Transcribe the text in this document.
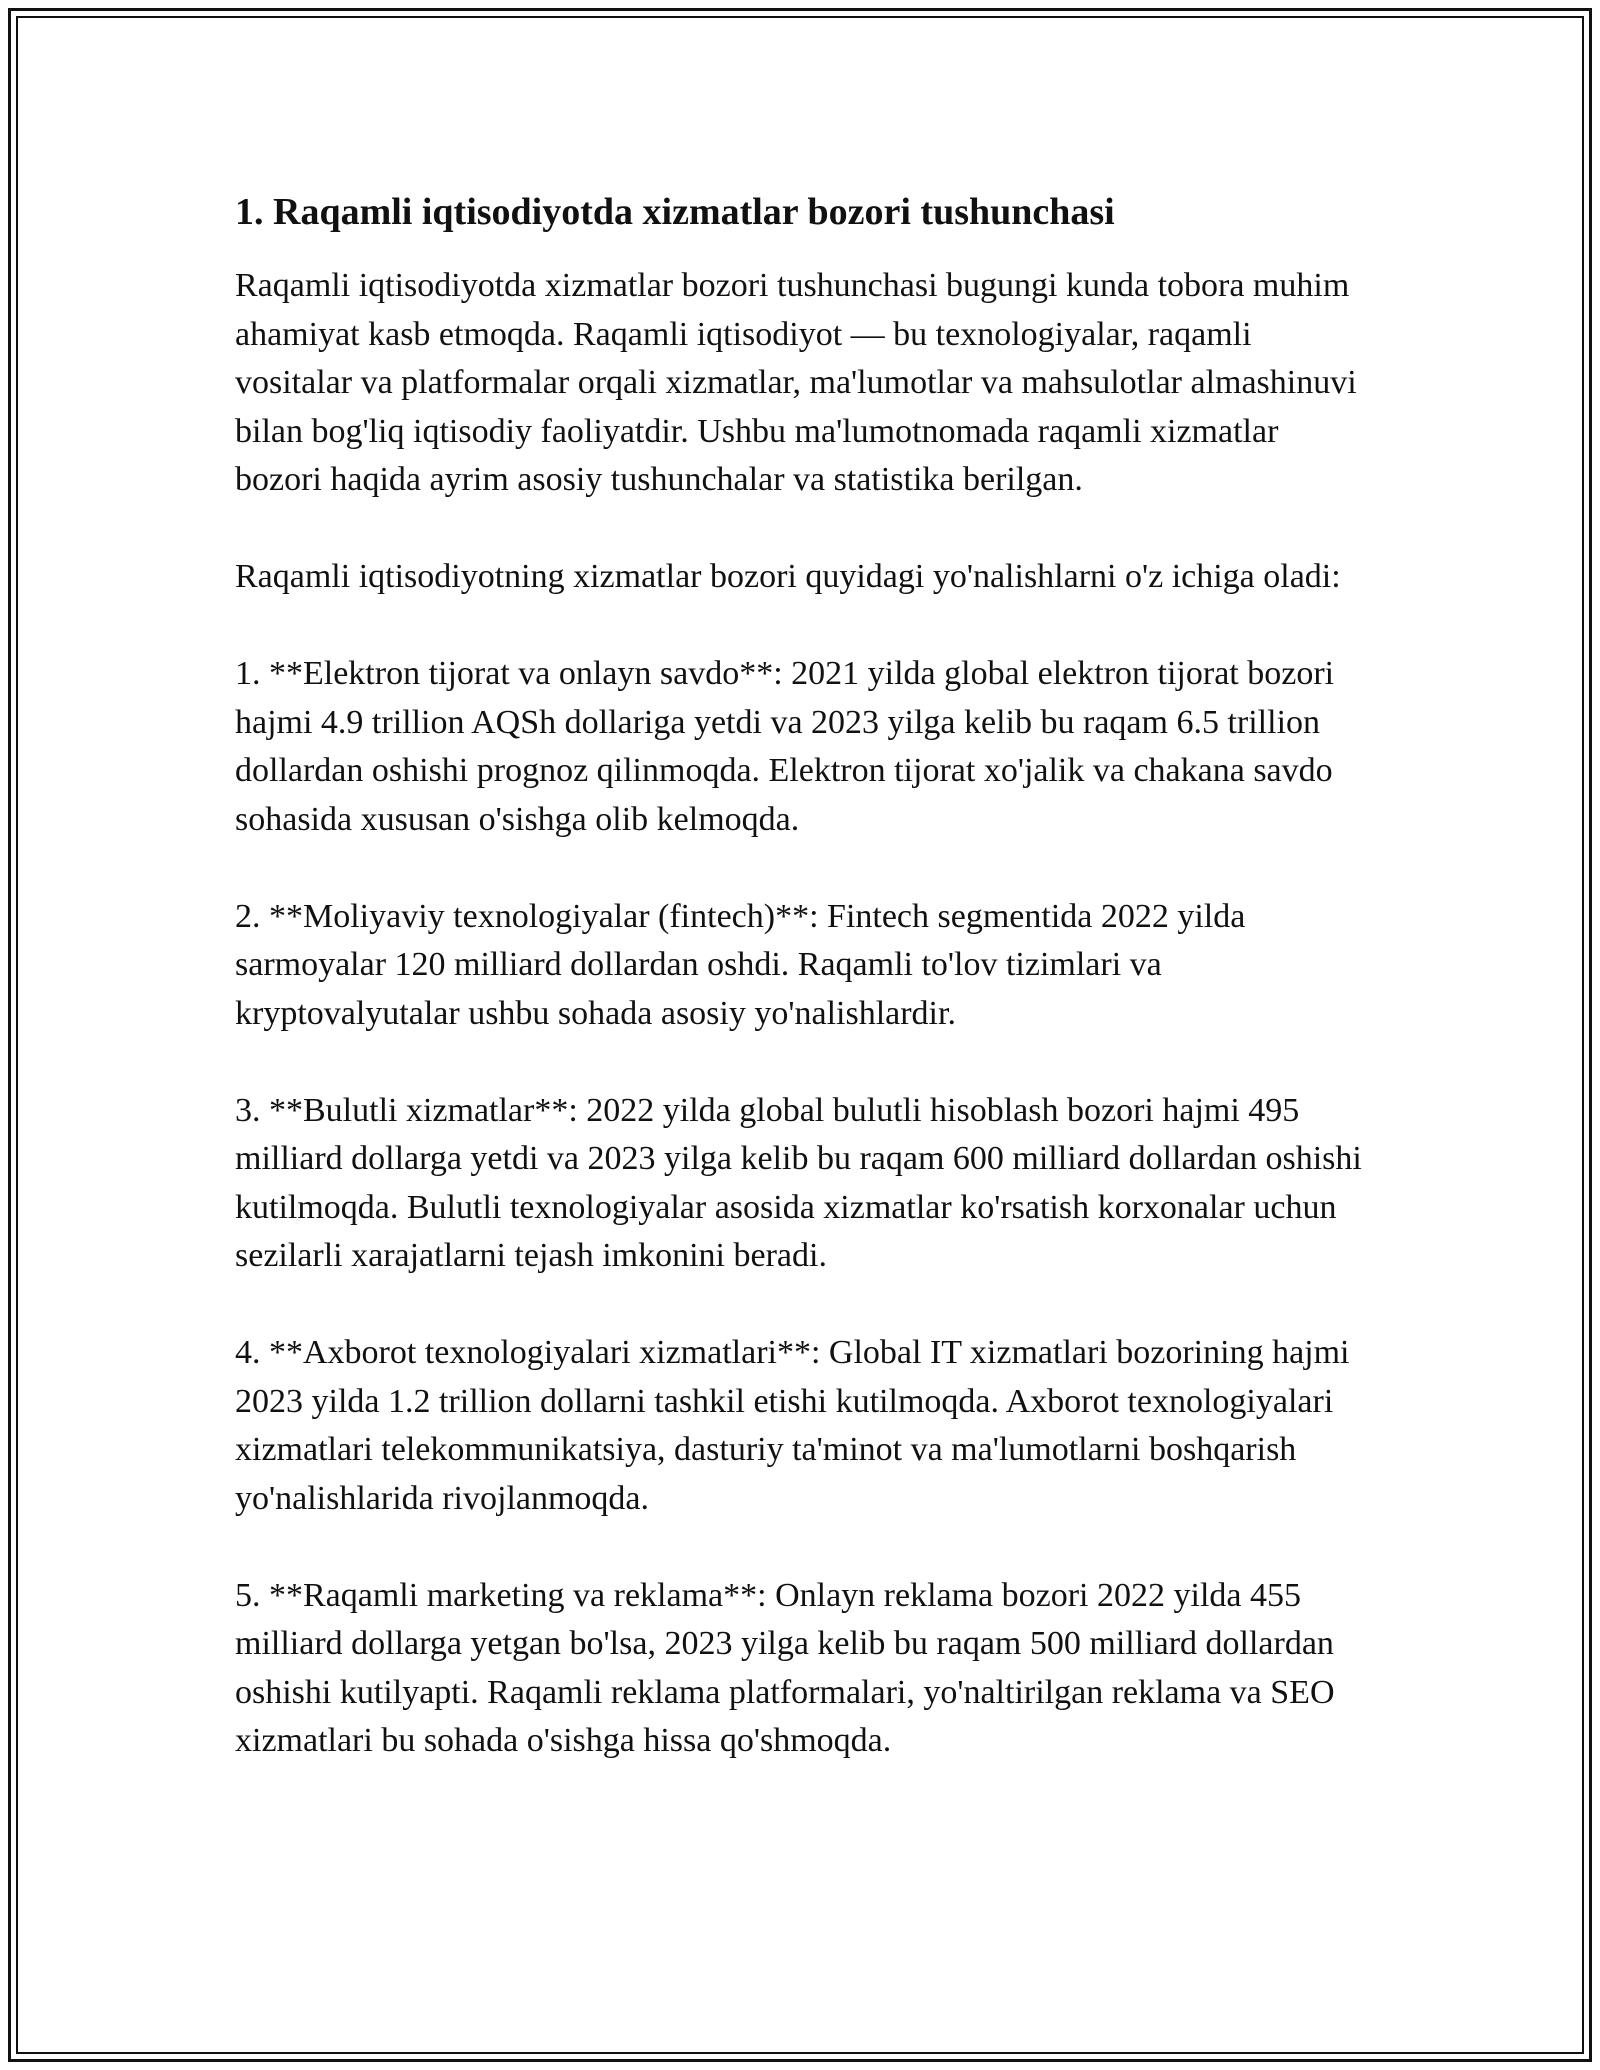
1. Raqamli iqtisodiyotda xizmatlar bozori tushunchasi

Raqamli iqtisodiyotda xizmatlar bozori tushunchasi bugungi kunda tobora muhim ahamiyat kasb etmoqda. Raqamli iqtisodiyot — bu texnologiyalar, raqamli vositalar va platformalar orqali xizmatlar, ma'lumotlar va mahsulotlar almashinuvi bilan bog'liq iqtisodiy faoliyatdir. Ushbu ma'lumotnomada raqamli xizmatlar bozori haqida ayrim asosiy tushunchalar va statistika berilgan.

Raqamli iqtisodiyotning xizmatlar bozori quyidagi yo'nalishlarni o'z ichiga oladi:

1. **Elektron tijorat va onlayn savdo**: 2021 yilda global elektron tijorat bozori hajmi 4.9 trillion AQSh dollariga yetdi va 2023 yilga kelib bu raqam 6.5 trillion dollardan oshishi prognoz qilinmoqda. Elektron tijorat xo'jalik va chakana savdo sohasida xususan o'sishga olib kelmoqda.

2. **Moliyaviy texnologiyalar (fintech)**: Fintech segmentida 2022 yilda sarmoyalar 120 milliard dollardan oshdi. Raqamli to'lov tizimlari va kryptovalyutalar ushbu sohada asosiy yo'nalishlardir.

3. **Bulutli xizmatlar**: 2022 yilda global bulutli hisoblash bozori hajmi 495 milliard dollarga yetdi va 2023 yilga kelib bu raqam 600 milliard dollardan oshishi kutilmoqda. Bulutli texnologiyalar asosida xizmatlar ko'rsatish korxonalar uchun sezilarli xarajatlarni tejash imkonini beradi.

4. **Axborot texnologiyalari xizmatlari**: Global IT xizmatlari bozorining hajmi 2023 yilda 1.2 trillion dollarni tashkil etishi kutilmoqda. Axborot texnologiyalari xizmatlari telekommunikatsiya, dasturiy ta'minot va ma'lumotlarni boshqarish yo'nalishlarida rivojlanmoqda.

5. **Raqamli marketing va reklama**: Onlayn reklama bozori 2022 yilda 455 milliard dollarga yetgan bo'lsa, 2023 yilga kelib bu raqam 500 milliard dollardan oshishi kutilyapti. Raqamli reklama platformalari, yo'naltirilgan reklama va SEO xizmatlari bu sohada o'sishga hissa qo'shmoqda.
